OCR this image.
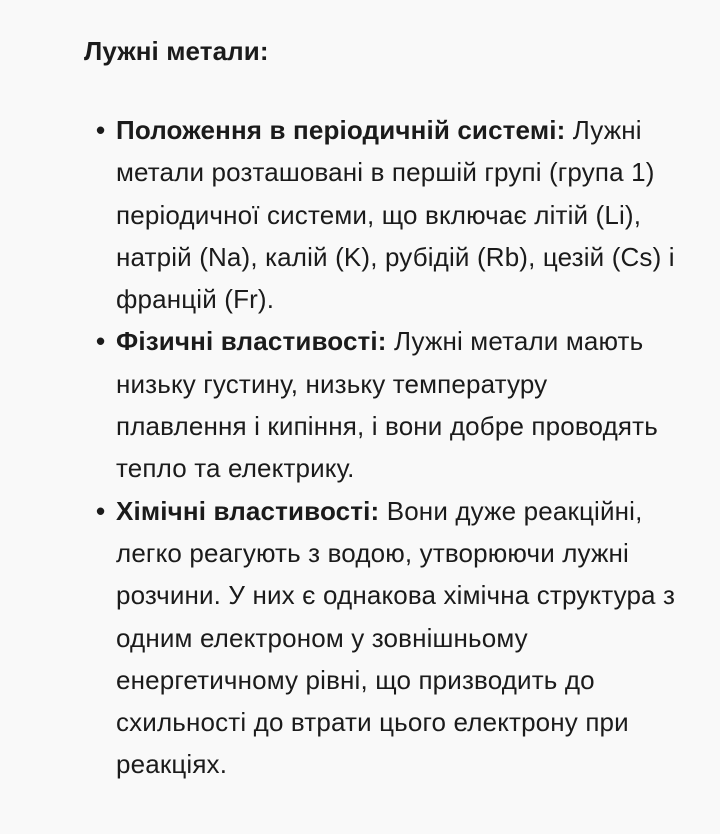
Лужні метали:
• Положення в періодичній системі: Лужні метали розташовані в першій групі (група 1) періодичної системи, що включає літій (Li), натрій (Na), калій (K), рубідій (Rb), цезій (Cs) і францій (Fr).
• Фізичні властивості: Лужні метали мають низьку густину, низьку температуру плавлення і кипіння, і вони добре проводять тепло та електрику.
• Хімічні властивості: Вони дуже реакційні, легко реагують з водою, утворюючи лужні розчини. У них є однакова хімічна структура з одним електроном у зовнішньому енергетичному рівні, що призводить до схильності до втрати цього електрону при реакціях.
